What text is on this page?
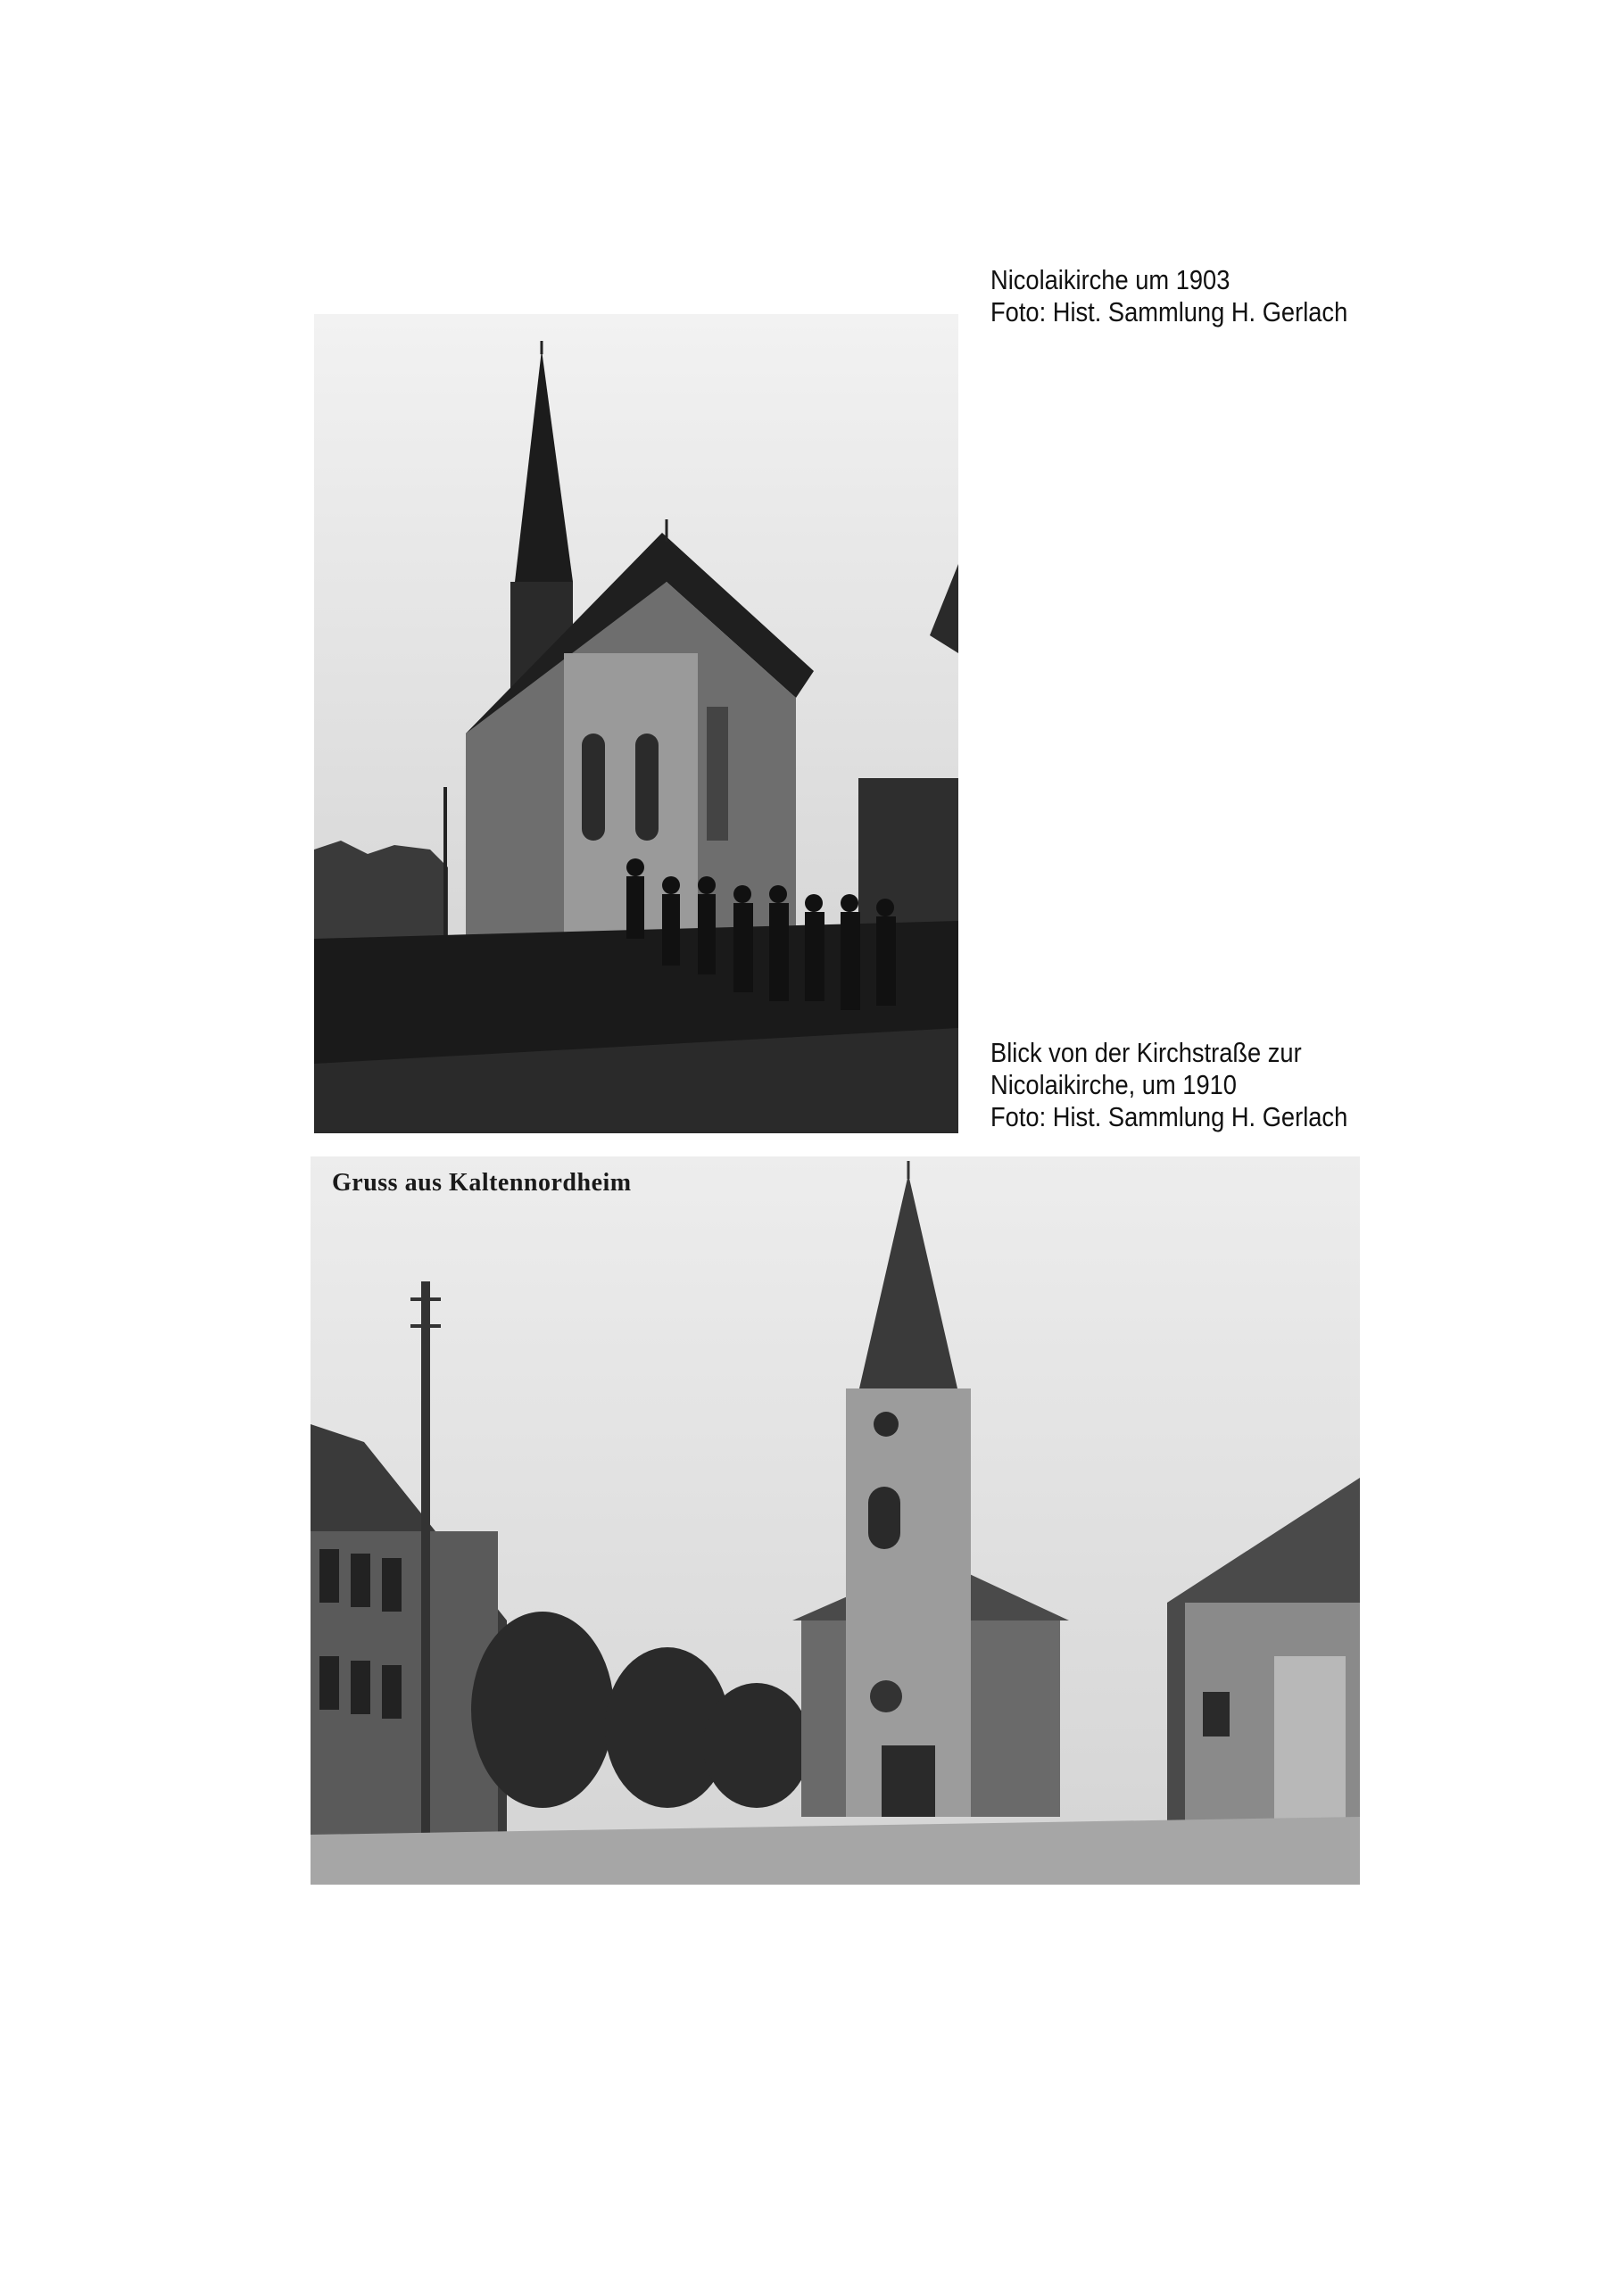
Nicolaikirche um 1903
Foto: Hist. Sammlung H. Gerlach
Blick von der Kirchstraße zur
Nicolaikirche, um 1910
Foto: Hist. Sammlung H. Gerlach
Gruss aus Kaltennordheim
